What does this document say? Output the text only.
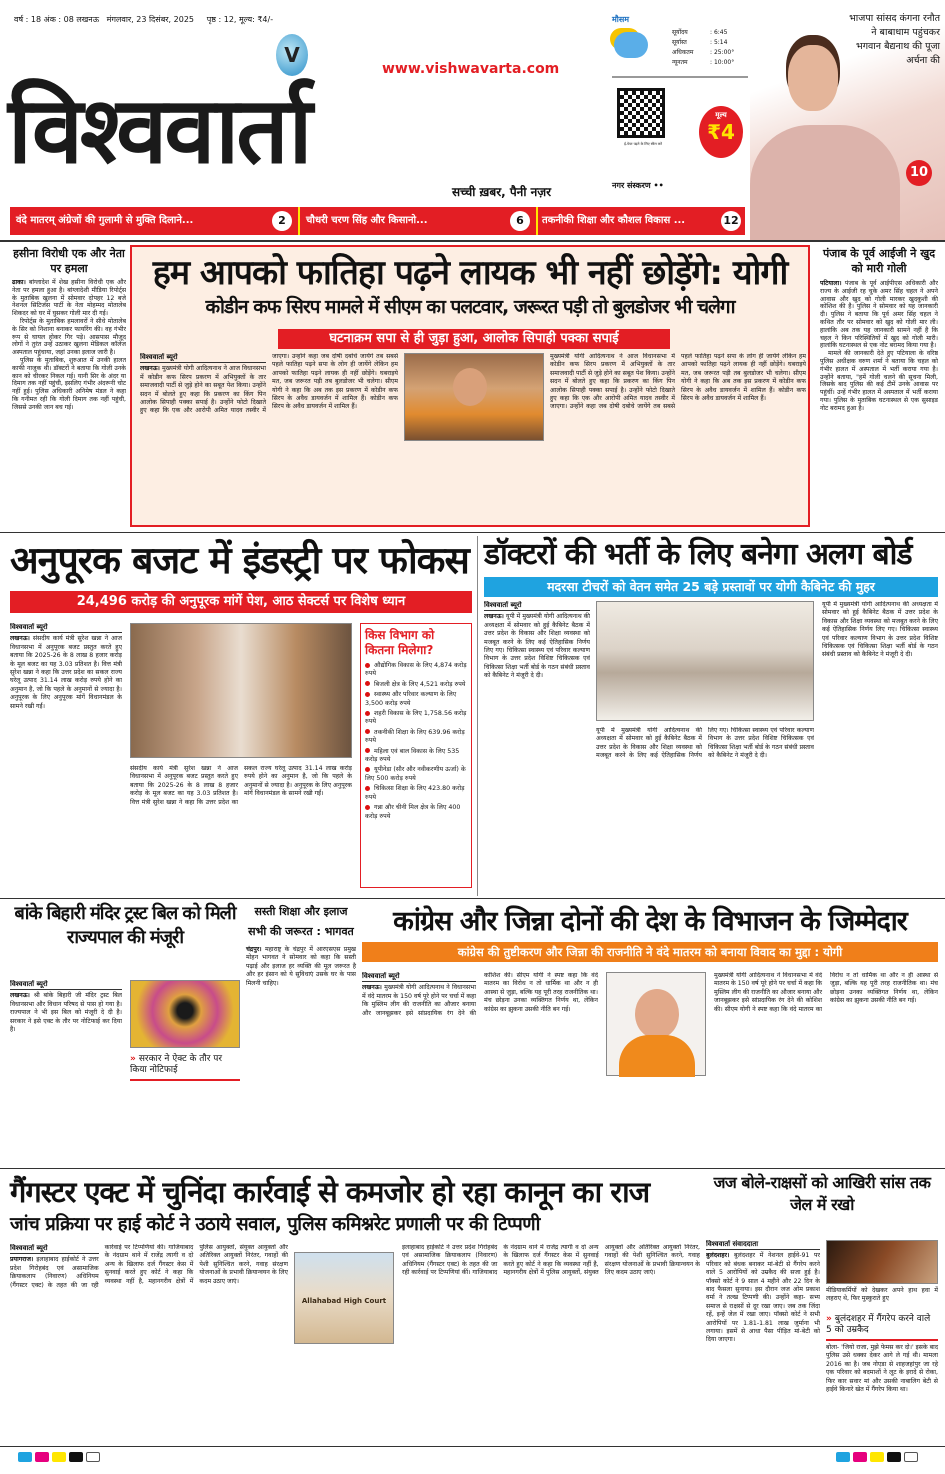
वर्ष : 18 अंक : 08 लखनऊ मंगलवार, 23 दिसंबर, 2025 पृष्ठ : 12, मूल्य: ₹4/-
V
www.vishwavarta.com
विश्ववार्ता
सच्ची ख़बर, पैनी नज़र
मौसम
सूर्योदय	: 6:45
सूर्यास्त	: 5:14
अधिकतम	: 25:00°
न्यूनतम	: 10:00°
ई-पेपर पढ़ने के लिए स्कैन करें
मूल्य
₹4
नगर संस्करण ••
भाजपा सांसद कंगना रनौत ने बाबाधाम पहुंचकर भगवान बैद्यनाथ की पूजा अर्चना की
10
वंदे मातरम् अंग्रेजों की गुलामी से मुक्ति दिलाने...	2	चौधरी चरण सिंह और किसानो...	6	तकनीकी शिक्षा और कौशल विकास ...	12
हसीना विरोधी एक और नेता पर हमला

ढाका। बांग्लादेश में शेख हसीना विरोधी एक और नेता पर हमला हुआ है। बांग्लादेशी मीडिया रिपोर्ट्स के मुताबिक खुलना में सोमवार दोपहर 12 बजे नेशनल सिटिजंस पार्टी के नेता मोहम्मद मोतालेब शिकदर को घर में घुसकर गोली मार दी गई।

रिपोर्ट्स के मुताबिक हमलावरों ने सीधे मोतालेब के सिर को निशाना बनाकर फायरिंग की। वह गंभीर रूप से घायल होकर गिर पड़े। आसपास मौजूद लोगों ने तुरंत उन्हें उठाकर खुलना मेडिकल कॉलेज अस्पताल पहुंचाया, जहां उनका इलाज जारी है।

पुलिस के मुताबिक, शुरुआत में उनकी हालत काफी नाजुक थी। डॉक्टरों ने बताया कि गोली उनके कान को चीरकर निकल गई। यानी सिर के अंदर या दिमाग तक नहीं पहुंची, इसलिए गंभीर अंदरूनी चोट नहीं हुई। पुलिस अधिकारी अनिमेष मंडल ने कहा कि गनीमत रही कि गोली दिमाग तक नहीं पहुंची, जिससे उनकी जान बच गई।

हम आपको फातिहा पढ़ने लायक भी नहीं छोड़ेंगे: योगी
कोडीन कफ सिरप मामले में सीएम का पलटवार, जरूरत पड़ी तो बुलडोजर भी चलेगा
घटनाक्रम सपा से ही जुड़ा हुआ, आलोक सिपाही पक्का सपाई
विश्ववार्ता ब्यूरो
लखनऊ। मुख्यमंत्री योगी आदित्यनाथ ने आज विधानसभा में कोडीन कफ सिरप प्रकरण में अभियुक्तों के तार समाजवादी पार्टी से जुड़े होने का सबूत पेश किया। उन्होंने सदन में बोलते हुए कहा कि प्रकरण का किंग पिन आलोक सिपाही पक्का सपाई है। उन्होंने फोटो दिखाते हुए कहा कि एक और आरोपी अमित यादव तस्वीर में जाएगा। उन्होंने कहा जब दोषी दबोचे जायेंगे तब सबसे पहले फातिहा पढ़ने सपा के लोग ही जायेंगे लेकिन हम आपको फातिहा पढ़ने लायक ही नहीं छोड़ेंगे। घबराइये मत, जब जरूरत पड़ी तब बुलडोजर भी चलेगा। सीएम योगी ने कहा कि अब तक इस प्रकरण में कोडीन कफ सिरप के अवैध डायवर्जन में शामिल हैं। कोडीन कफ सिरप के अवैध डायवर्जन में शामिल हैं।
मुख्यमंत्री योगी आदित्यनाथ ने आज विधानसभा में कोडीन कफ सिरप प्रकरण में अभियुक्तों के तार समाजवादी पार्टी से जुड़े होने का सबूत पेश किया। उन्होंने सदन में बोलते हुए कहा कि प्रकरण का किंग पिन आलोक सिपाही पक्का सपाई है। उन्होंने फोटो दिखाते हुए कहा कि एक और आरोपी अमित यादव तस्वीर में जाएगा। उन्होंने कहा जब दोषी दबोचे जायेंगे तब सबसे पहले फातिहा पढ़ने सपा के लोग ही जायेंगे लेकिन हम आपको फातिहा पढ़ने लायक ही नहीं छोड़ेंगे। घबराइये मत, जब जरूरत पड़ी तब बुलडोजर भी चलेगा। सीएम योगी ने कहा कि अब तक इस प्रकरण में कोडीन कफ सिरप के अवैध डायवर्जन में शामिल हैं। कोडीन कफ सिरप के अवैध डायवर्जन में शामिल हैं।
पंजाब के पूर्व आईजी ने खुद को मारी गोली

पटियाला। पंजाब के पूर्व आईपीएस अधिकारी और राज्य के आईजी रह चुके अमर सिंह चहल ने अपने आवास और खुद को गोली मारकर खुदकुशी की कोशिश की है। पुलिस ने सोमवार को यह जानकारी दी। पुलिस ने बताया कि पूर्व अमर सिंह चहल ने कथित तौर पर सोमवार को खुद को गोली मार ली। हालांकि अब तक यह जानकारी सामने नहीं है कि चहल ने किन परिस्थितियों में खुद को गोली मारी। हालांकि घटनास्थल से एक नोट बरामद किया गया है।

मामले की जानकारी देते हुए पटियाला के वरिष्ठ पुलिस अधीक्षक वरुण शर्मा ने बताया कि चहल को गंभीर हालत में अस्पताल में भर्ती कराया गया है। उन्होंने बताया, "हमें गोली चलने की सूचना मिली, जिसके बाद पुलिस की कई टीमें उनके आवास पर पहुंचीं। उन्हें गंभीर हालत में अस्पताल में भर्ती कराया गया। पुलिस के मुताबिक घटनास्थल से एक सुसाइड नोट बरामद हुआ है।

अनुपूरक बजट में इंडस्ट्री पर फोकस
24,496 करोड़ की अनुपूरक मांगें पेश, आठ सेक्टर्स पर विशेष ध्यान
विश्ववार्ता ब्यूरो
लखनऊ। संसदीय कार्य मंत्री सुरेश खन्ना ने आज विधानसभा में अनुपूरक बजट प्रस्तुत करते हुए बताया कि 2025-26 के 8 लाख 8 हजार करोड़ के मूल बजट का यह 3.03 प्रतिशत है। वित्त मंत्री सुरेश खन्ना ने कहा कि उत्तर प्रदेश का सकल राज्य घरेलू उत्पाद 31.14 लाख करोड़ रुपये होने का अनुमान है, जो कि पहले के अनुमानों से ज्यादा है। अनुपूरक के लिए अनुपूरक मांगें विधानमंडल के सामने रखी गईं।
संसदीय कार्य मंत्री सुरेश खन्ना ने आज विधानसभा में अनुपूरक बजट प्रस्तुत करते हुए बताया कि 2025-26 के 8 लाख 8 हजार करोड़ के मूल बजट का यह 3.03 प्रतिशत है। वित्त मंत्री सुरेश खन्ना ने कहा कि उत्तर प्रदेश का सकल राज्य घरेलू उत्पाद 31.14 लाख करोड़ रुपये होने का अनुमान है, जो कि पहले के अनुमानों से ज्यादा है। अनुपूरक के लिए अनुपूरक मांगें विधानमंडल के सामने रखी गईं।
किस विभाग को कितना मिलेगा?
औद्योगिक विकास के लिए 4,874 करोड़ रुपये
बिजली क्षेत्र के लिए 4,521 करोड़ रुपये
स्वास्थ्य और परिवार कल्याण के लिए 3,500 करोड़ रुपये
शहरी विकास के लिए 1,758.56 करोड़ रुपये
तकनीकी शिक्षा के लिए 639.96 करोड़ रुपये
महिला एवं बाल विकास के लिए 535 करोड़ रुपये
यूपीनेडा (सौर और नवीकरणीय ऊर्जा) के लिए 500 करोड़ रुपये
चिकित्सा शिक्षा के लिए 423.80 करोड़ रुपये
गन्ना और चीनी मिल क्षेत्र के लिए 400 करोड़ रुपये
डॉक्टरों की भर्ती के लिए बनेगा अलग बोर्ड
मदरसा टीचरों को वेतन समेत 25 बड़े प्रस्तावों पर योगी कैबिनेट की मुहर
विश्ववार्ता ब्यूरो
लखनऊ। यूपी में मुख्यमंत्री योगी आदित्यनाथ की अध्यक्षता में सोमवार को हुई कैबिनेट बैठक में उत्तर प्रदेश के विकास और शिक्षा व्यवस्था को मजबूत करने के लिए कई ऐतिहासिक निर्णय लिए गए। चिकित्सा स्वास्थ्य एवं परिवार कल्याण विभाग के उत्तर प्रदेश विशिष्ट चिकित्सक एवं चिकित्सा शिक्षा भर्ती बोर्ड के गठन संबंधी प्रस्ताव को कैबिनेट ने मंजूरी दे दी।
यूपी में मुख्यमंत्री योगी आदित्यनाथ की अध्यक्षता में सोमवार को हुई कैबिनेट बैठक में उत्तर प्रदेश के विकास और शिक्षा व्यवस्था को मजबूत करने के लिए कई ऐतिहासिक निर्णय लिए गए। चिकित्सा स्वास्थ्य एवं परिवार कल्याण विभाग के उत्तर प्रदेश विशिष्ट चिकित्सक एवं चिकित्सा शिक्षा भर्ती बोर्ड के गठन संबंधी प्रस्ताव को कैबिनेट ने मंजूरी दे दी।
यूपी में मुख्यमंत्री योगी आदित्यनाथ की अध्यक्षता में सोमवार को हुई कैबिनेट बैठक में उत्तर प्रदेश के विकास और शिक्षा व्यवस्था को मजबूत करने के लिए कई ऐतिहासिक निर्णय लिए गए। चिकित्सा स्वास्थ्य एवं परिवार कल्याण विभाग के उत्तर प्रदेश विशिष्ट चिकित्सक एवं चिकित्सा शिक्षा भर्ती बोर्ड के गठन संबंधी प्रस्ताव को कैबिनेट ने मंजूरी दे दी।
बांके बिहारी मंदिर ट्रस्ट बिल को मिली राज्यपाल की मंजूरी
विश्ववार्ता ब्यूरो
लखनऊ। श्री बांके बिहारी जी मंदिर ट्रस्ट बिल विधानसभा और विधान परिषद से पास हो गया है। राज्यपाल ने भी इस बिल को मंजूरी दे दी है। सरकार ने इसे एक्ट के तौर पर नोटिफाई कर दिया है।
» सरकार ने ऐक्ट के तौर पर किया नोटिफाई
सस्ती शिक्षा और इलाज सभी की जरूरत : भागवत
चंद्रपुर। महाराष्ट्र के चंद्रपुर में आरएसएस प्रमुख मोहन भागवत ने सोमवार को कहा कि सस्ती पढ़ाई और इलाज हर व्यक्ति की मूल जरूरत है और हर इंसान को ये सुविधाएं उसके घर के पास मिलनी चाहिए।
कांग्रेस और जिन्ना दोनों की देश के विभाजन के जिम्मेदार
कांग्रेस की तुष्टीकरण और जिन्ना की राजनीति ने वंदे मातरम को बनाया विवाद का मुद्दा : योगी
विश्ववार्ता ब्यूरो
लखनऊ। मुख्यमंत्री योगी आदित्यनाथ ने विधानसभा में वंदे मातरम के 150 वर्ष पूरे होने पर चर्चा में कहा कि मुस्लिम लीग की राजनीति का औजार बनाया और जानबूझकर इसे सांप्रदायिक रंग देने की कोशिश की। सीएम योगी ने स्पष्ट कहा कि वंदे मातरम का विरोध न तो धार्मिक था और न ही आस्था से जुड़ा, बल्कि यह पूरी तरह राजनीतिक था। मंच छोड़ना उनका व्यक्तिगत निर्णय था, लेकिन कांग्रेस का झुकना उसकी नीति बन गई।
मुख्यमंत्री योगी आदित्यनाथ ने विधानसभा में वंदे मातरम के 150 वर्ष पूरे होने पर चर्चा में कहा कि मुस्लिम लीग की राजनीति का औजार बनाया और जानबूझकर इसे सांप्रदायिक रंग देने की कोशिश की। सीएम योगी ने स्पष्ट कहा कि वंदे मातरम का विरोध न तो धार्मिक था और न ही आस्था से जुड़ा, बल्कि यह पूरी तरह राजनीतिक था। मंच छोड़ना उनका व्यक्तिगत निर्णय था, लेकिन कांग्रेस का झुकना उसकी नीति बन गई।
गैंगस्टर एक्ट में चुनिंदा कार्रवाई से कमजोर हो रहा कानून का राज
जांच प्रक्रिया पर हाई कोर्ट ने उठाये सवाल, पुलिस कमिश्नरेट प्रणाली पर की टिप्पणी
विश्ववार्ता ब्यूरो
प्रयागराज। इलाहाबाद हाईकोर्ट ने उत्तर प्रदेश गिरोहबंद एवं असामाजिक क्रियाकलाप (निवारण) अधिनियम (गैंगस्टर एक्ट) के तहत की जा रही कार्रवाई पर टिप्पणियां कीं। गाजियाबाद के नंदग्राम थाने में राजेंद्र त्यागी व दो अन्य के खिलाफ दर्ज गैंगस्टर केस में सुनवाई करते हुए कोर्ट ने कहा कि व्यवस्था नहीं है, महानगरीय क्षेत्रों में पुलिस आयुक्तों, संयुक्त आयुक्तों और अतिरिक्त आयुक्तों निरंतर, गवाहों की पेशी सुनिश्चित करने, गवाह संरक्षण योजनाओं के प्रभावी क्रियान्वयन के लिए कदम उठाए जाएं।
Allahabad High Court
इलाहाबाद हाईकोर्ट ने उत्तर प्रदेश गिरोहबंद एवं असामाजिक क्रियाकलाप (निवारण) अधिनियम (गैंगस्टर एक्ट) के तहत की जा रही कार्रवाई पर टिप्पणियां कीं। गाजियाबाद के नंदग्राम थाने में राजेंद्र त्यागी व दो अन्य के खिलाफ दर्ज गैंगस्टर केस में सुनवाई करते हुए कोर्ट ने कहा कि व्यवस्था नहीं है, महानगरीय क्षेत्रों में पुलिस आयुक्तों, संयुक्त आयुक्तों और अतिरिक्त आयुक्तों निरंतर, गवाहों की पेशी सुनिश्चित करने, गवाह संरक्षण योजनाओं के प्रभावी क्रियान्वयन के लिए कदम उठाए जाएं।
जज बोले-राक्षसों को आखिरी सांस तक जेल में रखो
विश्ववार्ता संवाददाता
बुलंदशहर। बुलंदशहर में नेशनल हाईवे-91 पर परिवार को बंधक बनाकर मां-बेटी से गैंगरेप करने वाले 5 आरोपियों को उम्रकैद की सजा हुई है। पॉक्सो कोर्ट ने 9 साल 4 महीने और 22 दिन के बाद फैसला सुनाया। इस दौरान जज ओम प्रकाश वर्मा ने तल्ख टिप्पणी की। उन्होंने कहा- सभ्य समाज से राक्षसों से दूर रखा जाए। जब तक जिंदा रहें, इन्हें जेल में रखा जाए। पॉक्सो कोर्ट ने सभी आरोपियों पर 1.81-1.81 लाख जुर्माना भी लगाया। इसमें से आधा पैसा पीड़ित मां-बेटी को दिया जाएगा।
मीडियाकर्मियों को देखकर अपने हाथ हवा में लहराए थे, फिर मुस्कुराते हुए
» बुलंदशहर में गैंगरेप करने वाले 5 को उम्रकैद
बोला- 'जियो राजा, मुझे फेमस कर दो।' इसके बाद पुलिस उसे धक्का देकर आगे ले गई थी। मामला 2016 का है। जब नोएडा से शाहजहांपुर जा रहे एक परिवार को बदमाशों ने लूट के इरादे से रोका, फिर कार सवार मां और उसकी नाबालिग बेटी से हाईवे किनारे खेत में गैंगरेप किया था।
